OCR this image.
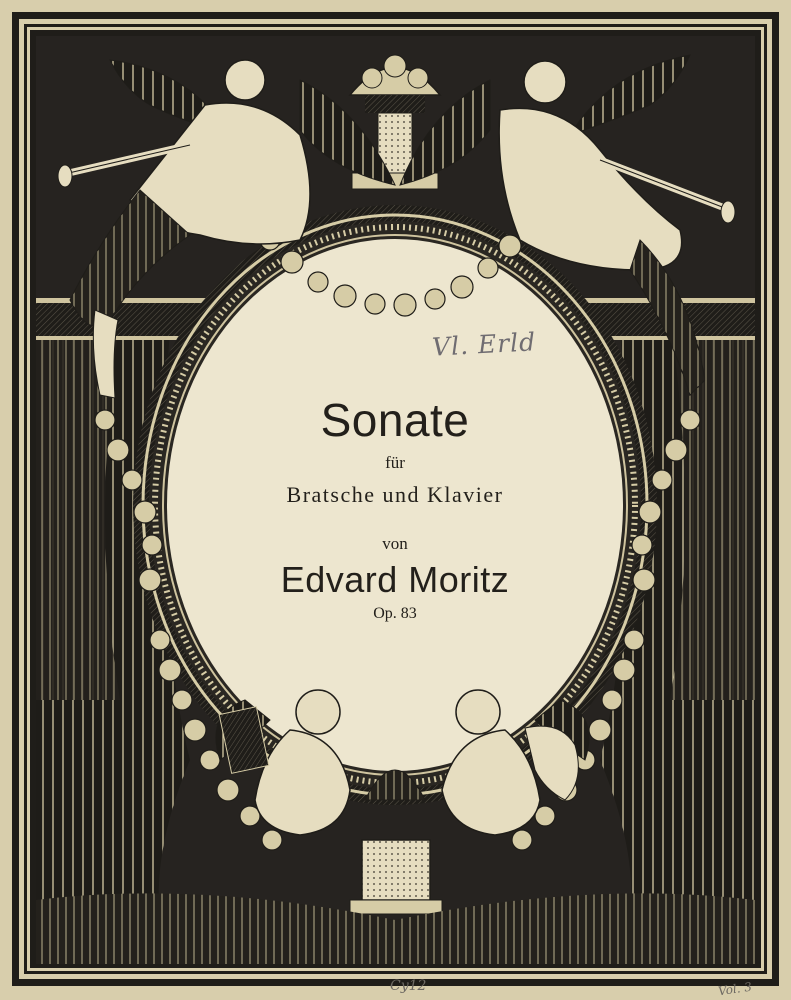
Sonate
für
Bratsche und Klavier
von
Edvard Moritz
Op. 83
Vl. Erld
Cy12	Vol. 3
